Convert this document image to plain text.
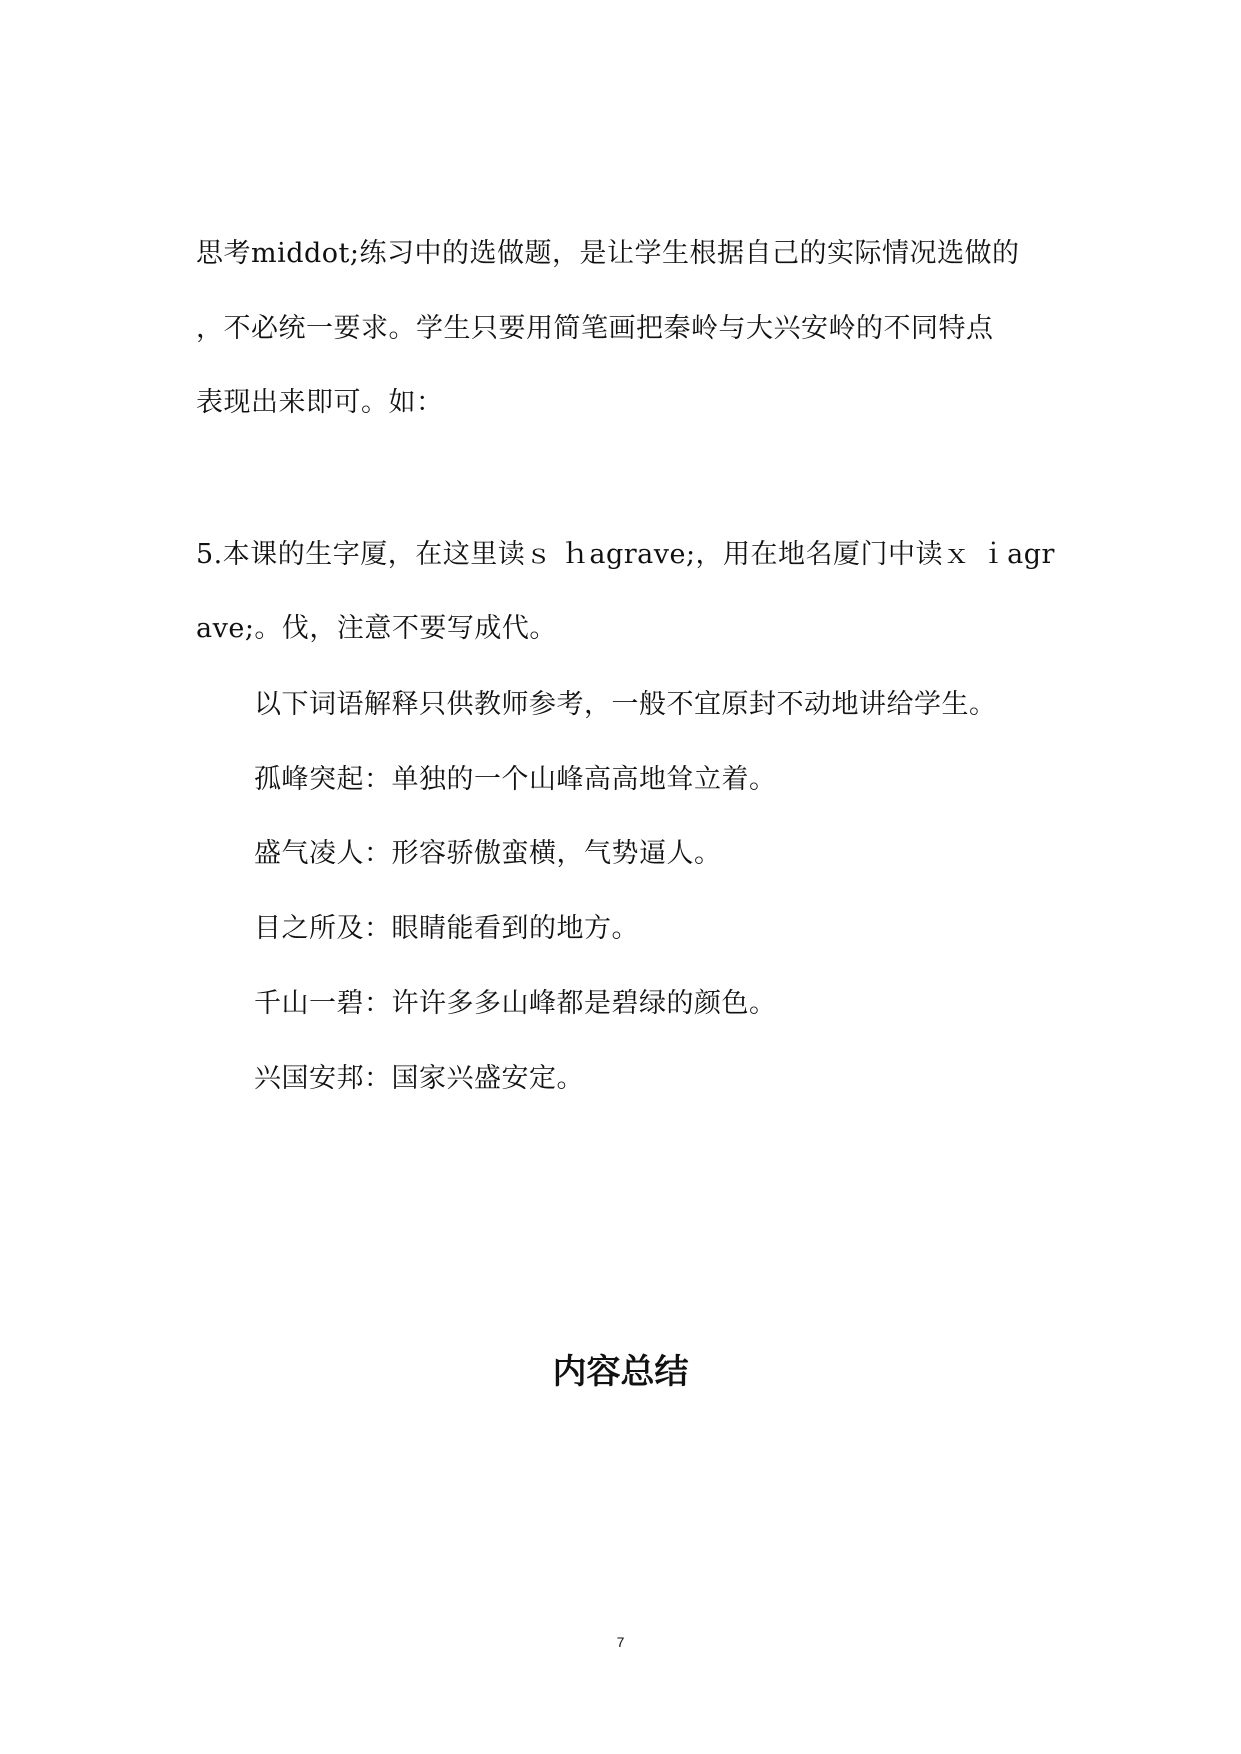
思考middot;练习中的选做题，是让学生根据自己的实际情况选做的
，不必统一要求。学生只要用简笔画把秦岭与大兴安岭的不同特点
表现出来即可。如：
5.本课的生字厦，在这里读ｓ ｈagrave;，用在地名厦门中读ｘ ｉagr
ave;。伐，注意不要写成代。
以下词语解释只供教师参考，一般不宜原封不动地讲给学生。
孤峰突起：单独的一个山峰高高地耸立着。
盛气凌人：形容骄傲蛮横，气势逼人。
目之所及：眼睛能看到的地方。
千山一碧：许许多多山峰都是碧绿的颜色。
兴国安邦：国家兴盛安定。
内容总结
7
